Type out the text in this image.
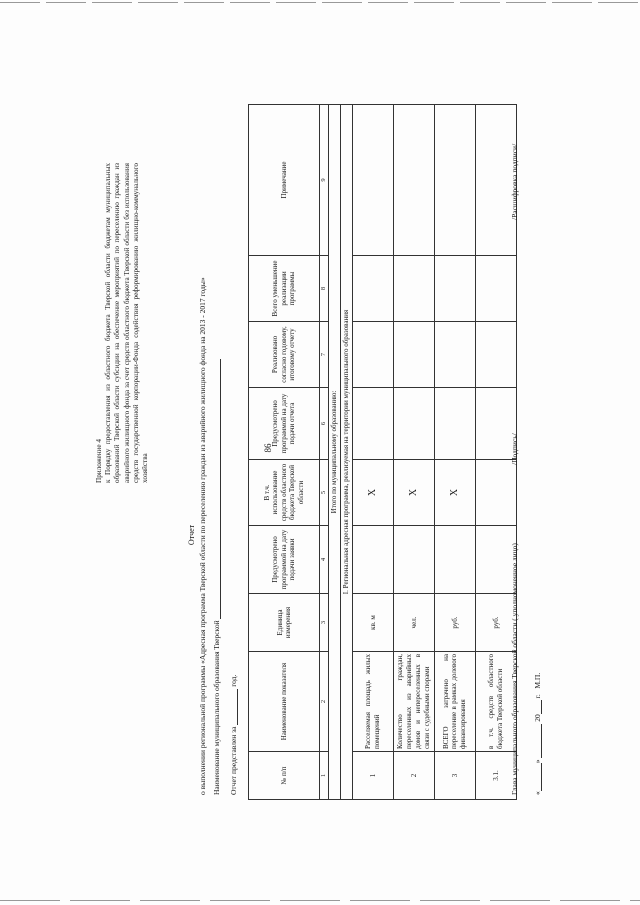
86
Приложение 4 к Порядку предоставления из областного бюджета Тверской области бюджетам муниципальных образований Тверской области субсидии на обеспечение мероприятий по переселению граждан из аварийного жилищного фонда за счет средств областного бюджета Тверской области без использования средств государственной корпорации-Фонда содействия реформированию жилищно-коммунального хозяйства
Отчет о выполнении региональной программы «Адресная программа Тверской области по переселению граждан из аварийного жилищного фонда на 2013 - 2017 годы» Наименование муниципального образования Тверской Отчет представлен за  год.
№ п/п	Наименование показателя	Единица измерения	Предусмотрено программой на дату подачи заявки	В т.ч. использование средств областного бюджета Тверской области	Предусмотрено программой на дату подачи отчета	Реализовано согласно годовому, итоговому отчету	Всего уменьшение реализации программы	Примечание
1	2	3	4	5	6	7	8	9
Итого по муниципальному образованию:								
I. Региональная адресная программа, реализуемая на территории муниципального образования								
1	Расселяемая площадь жилых помещений	кв. м		X				
2	Количество граждан, переселенных из аварийных домов и непереселенных в связи с судебными спорами	чел.		X				
3	ВСЕГО затрачено на переселение в рамках долевого финансирования	руб.		X				
3.1.	в т.ч. средств областного бюджета Тверской области	руб.						Глава муниципального образования Тверской области ( уполномоченное лицо)
/Подпись/
/Расшифровка подписи/
«»  20 г.   М.П.
